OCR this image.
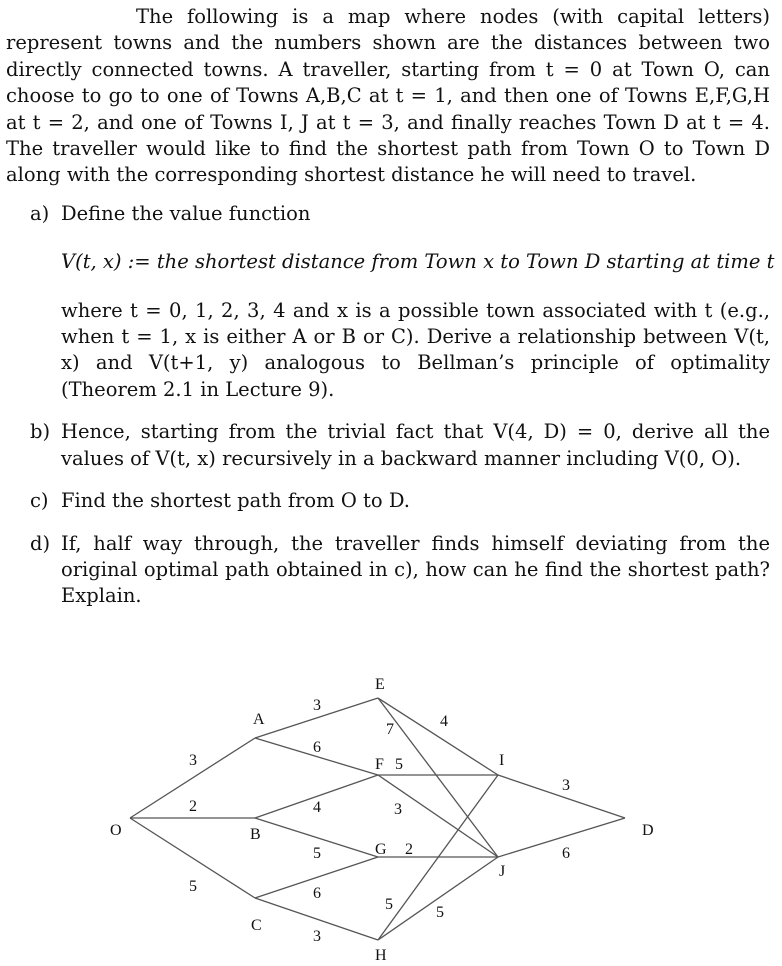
The following is a map where nodes (with capital letters) represent towns and the numbers shown are the distances between two directly connected towns. A traveller, starting from t = 0 at Town O, can choose to go to one of Towns A,B,C at t = 1, and then one of Towns E,F,G,H at t = 2, and one of Towns I, J at t = 3, and finally reaches Town D at t = 4. The traveller would like to find the shortest path from Town O to Town D along with the corresponding shortest distance he will need to travel.

a) Define the value function

V(t, x) := the shortest distance from Town x to Town D starting at time t

where t = 0, 1, 2, 3, 4 and x is a possible town associated with t (e.g., when t = 1, x is either A or B or C). Derive a relationship between V(t, x) and V(t+1, y) analogous to Bellman’s principle of optimality (Theorem 2.1 in Lecture 9).

b) Hence, starting from the trivial fact that V(4, D) = 0, derive all the values of V(t, x) recursively in a backward manner including V(0, O).

c) Find the shortest path from O to D.

d) If, half way through, the traveller finds himself deviating from the original optimal path obtained in c), how can he find the shortest path? Explain.

O
A
B
C
E
F
G
H
I
J
D
3
2
5
3
6
4
5
6
3
4
7
5
3
2
5	5
3
6
